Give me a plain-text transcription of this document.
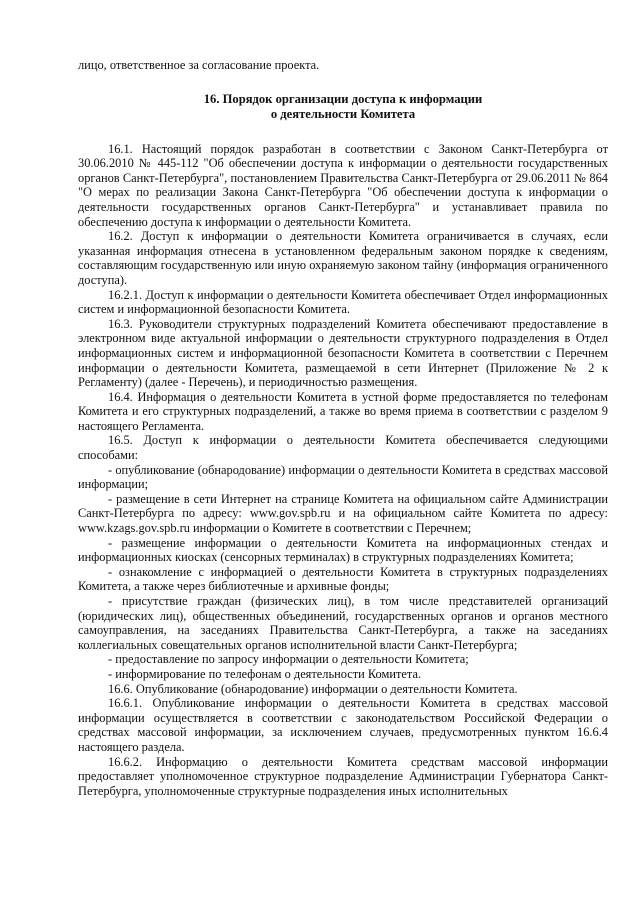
лицо, ответственное за согласование проекта.

16. Порядок организации доступа к информации
о деятельности Комитета

16.1. Настоящий порядок разработан в соответствии с Законом Санкт-Петербурга от 30.06.2010 № 445-112 "Об обеспечении доступа к информации о деятельности государственных органов Санкт-Петербурга", постановлением Правительства Санкт-Петербурга от 29.06.2011 № 864 "О мерах по реализации Закона Санкт-Петербурга "Об обеспечении доступа к информации о деятельности государственных органов Санкт-Петербурга" и устанавливает правила по обеспечению доступа к информации о деятельности Комитета.

16.2. Доступ к информации о деятельности Комитета ограничивается в случаях, если указанная информация отнесена в установленном федеральным законом порядке к сведениям, составляющим государственную или иную охраняемую законом тайну (информация ограниченного доступа).

16.2.1. Доступ к информации о деятельности Комитета обеспечивает Отдел информационных систем и информационной безопасности Комитета.

16.3. Руководители структурных подразделений Комитета обеспечивают предоставление в электронном виде актуальной информации о деятельности структурного подразделения в Отдел информационных систем и информационной безопасности Комитета в соответствии с Перечнем информации о деятельности Комитета, размещаемой в сети Интернет (Приложение № 2 к Регламенту) (далее - Перечень), и периодичностью размещения.

16.4. Информация о деятельности Комитета в устной форме предоставляется по телефонам Комитета и его структурных подразделений, а также во время приема в соответствии с разделом 9 настоящего Регламента.

16.5. Доступ к информации о деятельности Комитета обеспечивается следующими способами:

- опубликование (обнародование) информации о деятельности Комитета в средствах массовой информации;

- размещение в сети Интернет на странице Комитета на официальном сайте Администрации Санкт-Петербурга по адресу: www.gov.spb.ru и на официальном сайте Комитета по адресу: www.kzags.gov.spb.ru информации о Комитете в соответствии с Перечнем;

- размещение информации о деятельности Комитета на информационных стендах и информационных киосках (сенсорных терминалах) в структурных подразделениях Комитета;

- ознакомление с информацией о деятельности Комитета в структурных подразделениях Комитета, а также через библиотечные и архивные фонды;

- присутствие граждан (физических лиц), в том числе представителей организаций (юридических лиц), общественных объединений, государственных органов и органов местного самоуправления, на заседаниях Правительства Санкт-Петербурга, а также на заседаниях коллегиальных совещательных органов исполнительной власти Санкт-Петербурга;

- предоставление по запросу информации о деятельности Комитета;

- информирование по телефонам о деятельности Комитета.

16.6. Опубликование (обнародование) информации о деятельности Комитета.

16.6.1. Опубликование информации о деятельности Комитета в средствах массовой информации осуществляется в соответствии с законодательством Российской Федерации о средствах массовой информации, за исключением случаев, предусмотренных пунктом 16.6.4 настоящего раздела.

16.6.2. Информацию о деятельности Комитета средствам массовой информации предоставляет уполномоченное структурное подразделение Администрации Губернатора Санкт-Петербурга, уполномоченные структурные подразделения иных исполнительных
